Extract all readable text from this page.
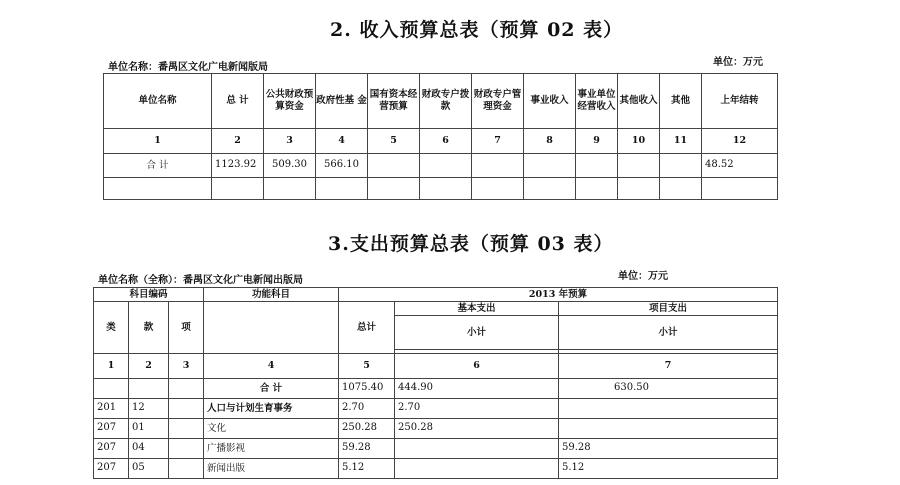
2. 收入预算总表（预算 02 表）
单位名称：番禺区文化广电新闻版局	单位：万元
单位名称	总 计	公共财政预算资金	政府性基 金	国有资本经营预算	财政专户拨款	财政专户管理资金	事业收入	事业单位经营收入	其他收入	其他	上年结转
1	2	3	4	5	6	7	8	9	10	11	12
合 计	1123.92	509.30	566.10								48.52

3.支出预算总表（预算 03 表）
单位名称（全称）：番禺区文化广电新闻出版局	单位：万元
科目编码			功能科目	2013 年预算		
类	款	项		总计	基本支出	项目支出
					小计	小计

1	2	3	4	5	6	7
			合 计	1075.40	444.90	630.50
201	12		人口与计划生育事务	2.70	2.70	
207	01		文化	250.28	250.28	
207	04		广播影视	59.28		59.28
207	05		新闻出版	5.12		5.12
